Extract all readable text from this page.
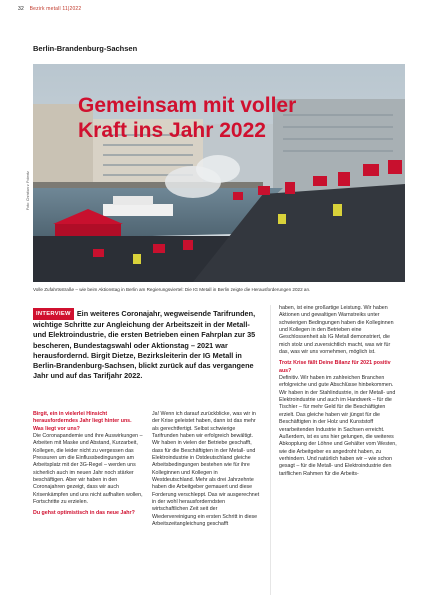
32 Bezirk metall 11|2022
Berlin-Brandenburg-Sachsen
Gemeinsam mit voller
Kraft ins Jahr 2022
Foto: Christian v. Polentz
Volle Zufahrtsstraße – wie beim Aktionstag in Berlin am Regierungsviertel: Die IG Metall in Berlin zeigte die Herausforderungen 2022 an.
INTERVIEW Ein weiteres Coronajahr, wegweisende Tarifrunden, wichtige Schritte zur Angleichung der Arbeitszeit in der Metall- und Elektroindustrie, die ersten Betrieben einen Fahrplan zur 35 bescheren, Bundestagswahl oder Aktionstag – 2021 war herausfordernd. Birgit Dietze, Bezirksleiterin der IG Metall in Berlin-Brandenburg-Sachsen, blickt zurück auf das vergangene Jahr und auf das Tarifjahr 2022.
Birgit, ein in vielerlei Hinsicht herausforderndes Jahr liegt hinter uns. Was liegt vor uns?

Die Coronapandemie und ihre Auswirkungen – Arbeiten mit Maske und Abstand, Kurzarbeit, Kollegen, die leider nicht zu vergessen das Pressuren um die Einflussbedingungen am Arbeitsplatz mit der 3G-Regel – werden uns sicherlich auch im neuen Jahr noch stärker beschäftigen. Aber wir haben in den Coronajahren gezeigt, dass wir auch Krisenkämpfen und uns nicht aufhalten wollen, Fortschritte zu erzielen.

Du gehst optimistisch in das neue Jahr?

Ja! Wenn ich darauf zurückblicke, was wir in der Krise geleistet haben, dann ist das mehr als gerechtfertigt. Selbst schwierige Tarifrunden haben wir erfolgreich bewältigt. Wir haben in vielen der Betriebe geschafft, dass für die Beschäftigten in der Metall- und Elektroindustrie in Ostdeutschland gleiche Arbeitsbedingungen bestehen wie für ihre Kolleginnen und Kollegen in Westdeutschland. Mehr als drei Jahrzehnte haben die Arbeitgeber gemauert und diese Forderung verschleppt. Das wir ausgerechnet in der wohl herausforderndsten wirtschaftlichen Zeit seit der Wiedervereinigung ein ersten Schritt in diese Arbeitszeitangleichung geschafft

haben, ist eine großartige Leistung. Wir haben Aktionen und gewaltigen Warnstreiks unter schwierigen Bedingungen haben die Kolleginnen und Kollegen in den Betrieben eine Geschlossenheit als IG Metall demonstriert, die mich stolz und zuversichtlich macht, was wir für das, was wir uns vornehmen, möglich ist.

Trotz Krise fällt Deine Bilanz für 2021 positiv aus?

Definitiv. Wir haben im zahlreichen Branchen erfolgreiche und gute Abschlüsse hinbekommen. Wir haben in der Stahlindustrie, in der Metall- und Elektroindustrie und auch im Handwerk – für die Tischler – für mehr Geld für die Beschäftigten erzielt. Das gleiche haben wir jüngst für die Beschäftigten in der Holz und Kunststoff verarbeitenden Industrie in Sachsen erreicht. Außerdem, ist es uns hier gelungen, die weiteres Abkopplung der Löhne und Gehälter vom Westen, wie die Arbeitgeber es angedroht haben, zu verhindern. Und natürlich haben wir – wie schon gesagt – für die Metall- und Elektroindustrie den tariflichen Rahmen für die Arbeits-
